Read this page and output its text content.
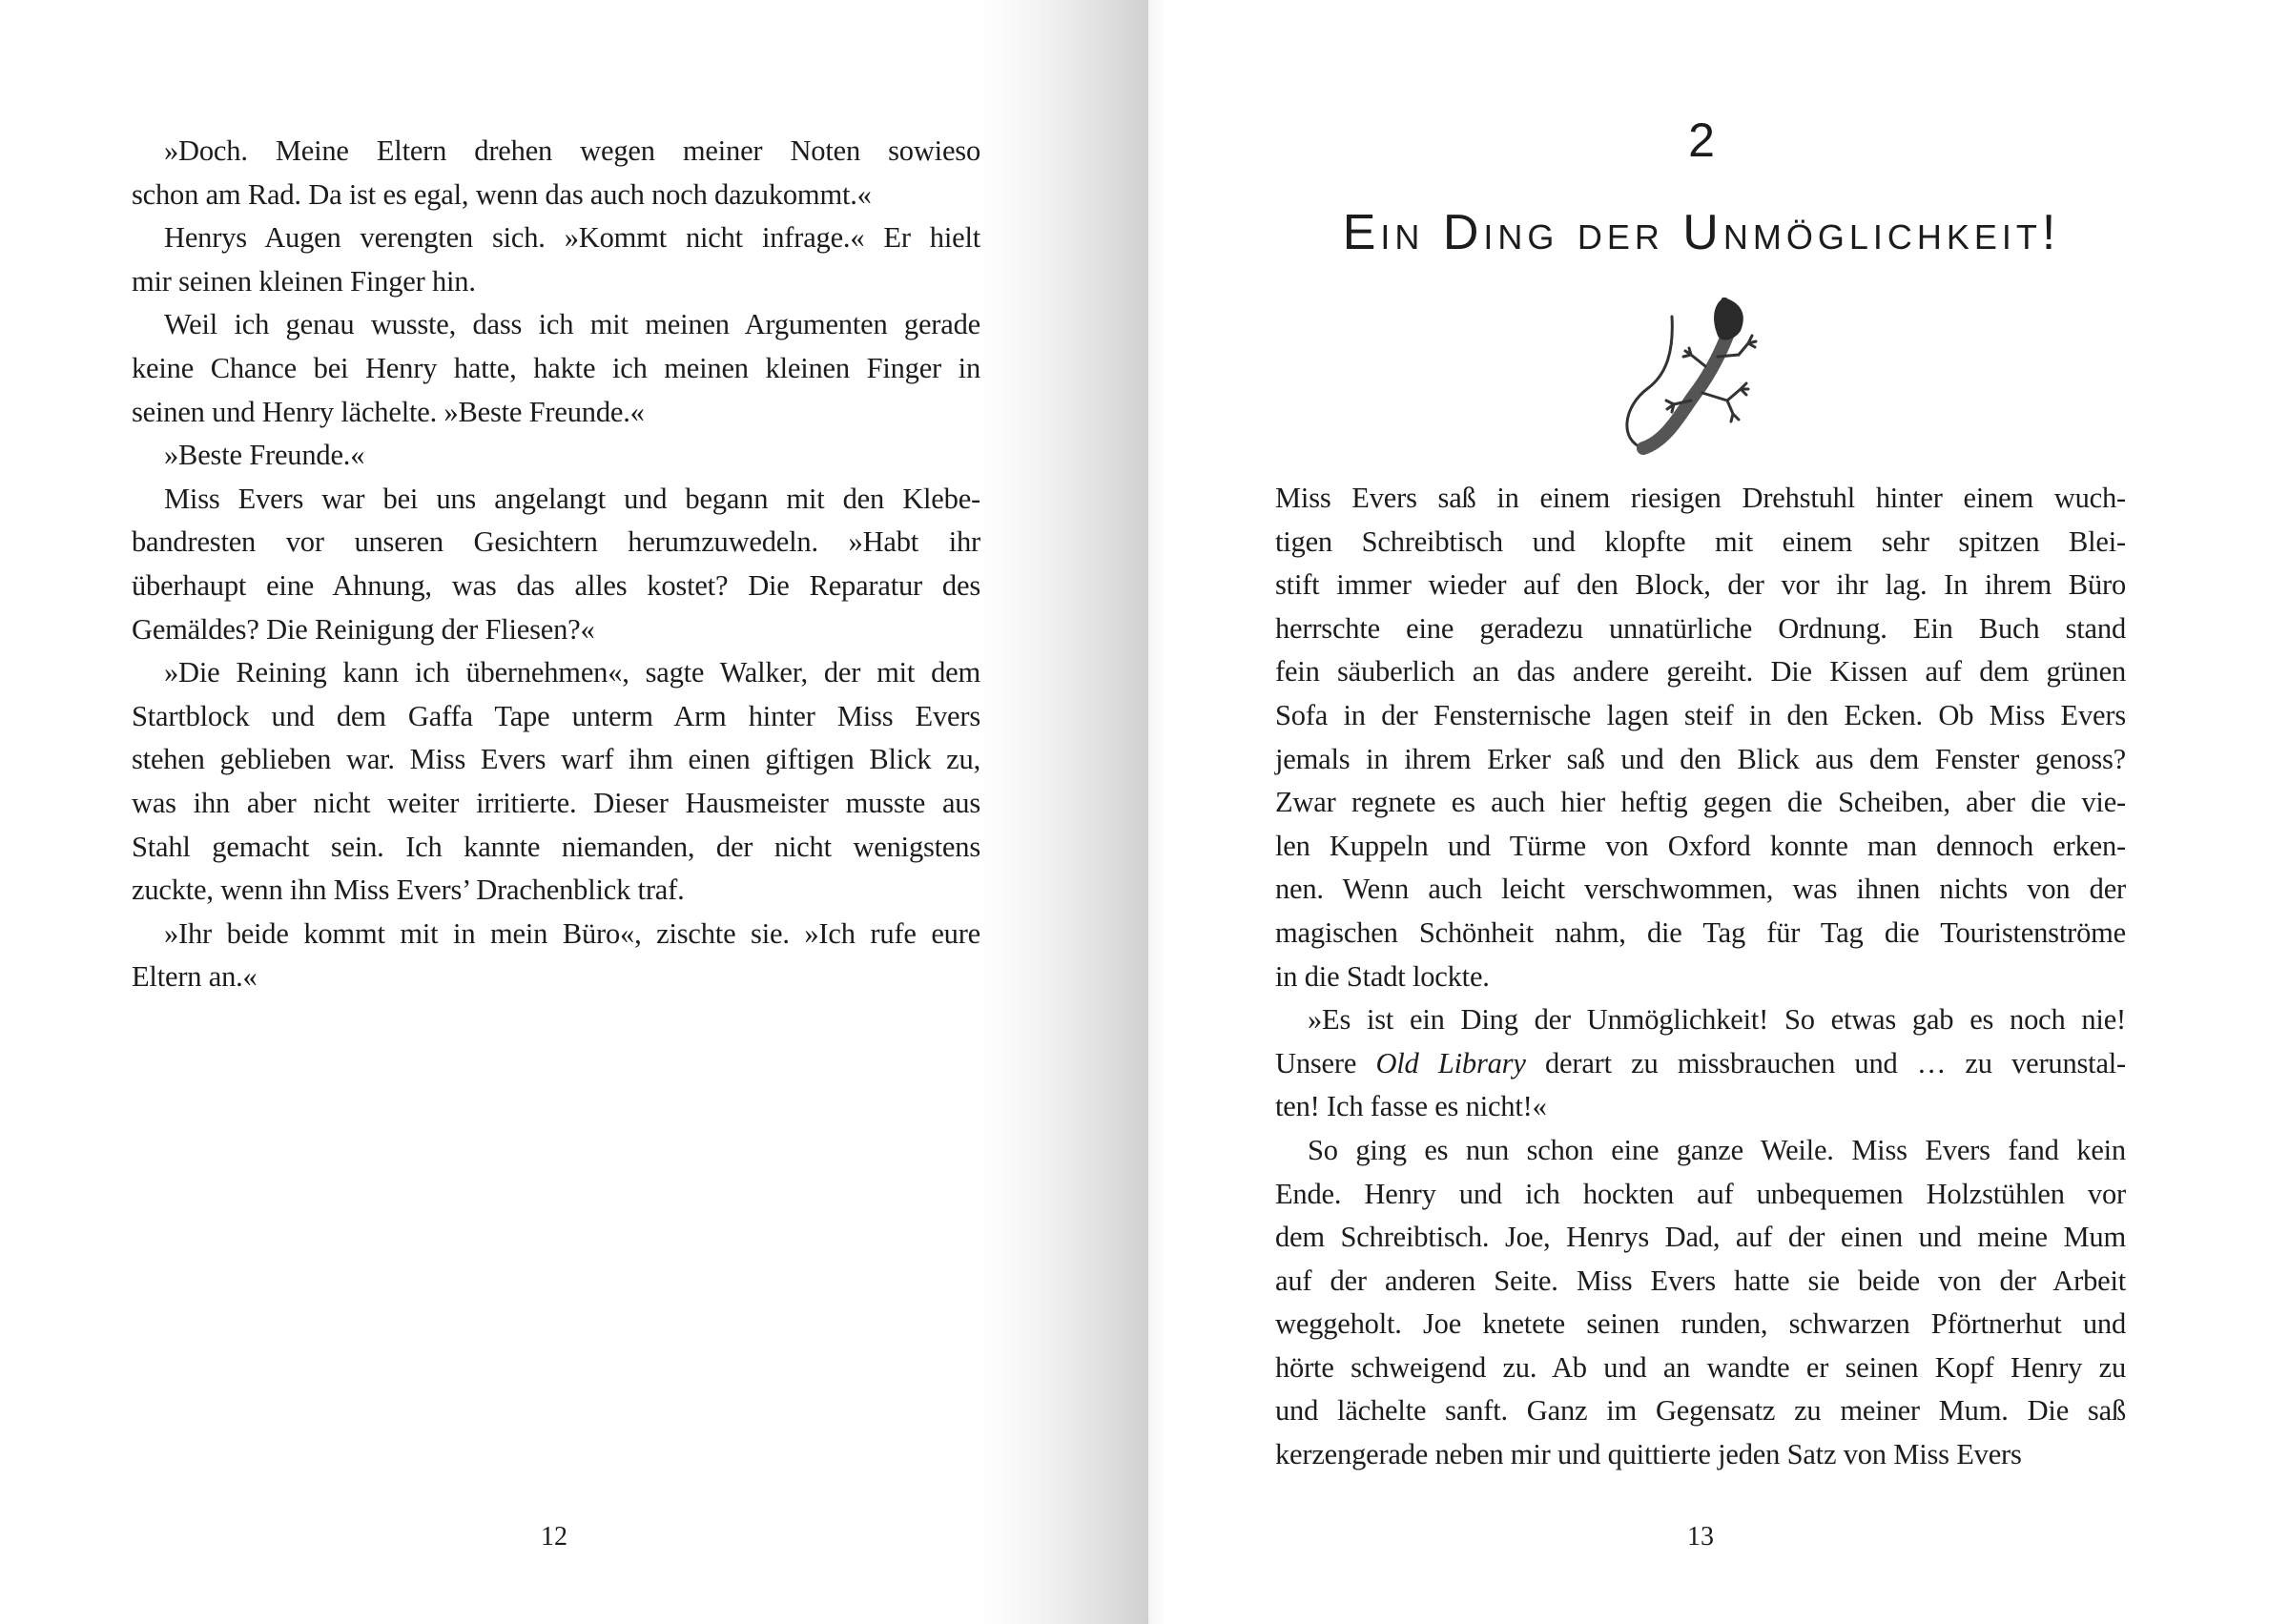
»Doch. Meine Eltern drehen wegen meiner Noten sowieso
schon am Rad. Da ist es egal, wenn das auch noch dazukommt.«
Henrys Augen verengten sich. »Kommt nicht infrage.« Er hielt
mir seinen kleinen Finger hin.
Weil ich genau wusste, dass ich mit meinen Argumenten gerade
keine Chance bei Henry hatte, hakte ich meinen kleinen Finger in
seinen und Henry lächelte. »Beste Freunde.«
»Beste Freunde.«
Miss Evers war bei uns angelangt und begann mit den Klebe-
bandresten vor unseren Gesichtern herumzuwedeln. »Habt ihr
überhaupt eine Ahnung, was das alles kostet? Die Reparatur des
Gemäldes? Die Reinigung der Fliesen?«
»Die Reining kann ich übernehmen«, sagte Walker, der mit dem
Startblock und dem Gaffa Tape unterm Arm hinter Miss Evers
stehen geblieben war. Miss Evers warf ihm einen giftigen Blick zu,
was ihn aber nicht weiter irritierte. Dieser Hausmeister musste aus
Stahl gemacht sein. Ich kannte niemanden, der nicht wenigstens
zuckte, wenn ihn Miss Evers’ Drachenblick traf.
»Ihr beide kommt mit in mein Büro«, zischte sie. »Ich rufe eure
Eltern an.«
12
2
Ein Ding der Unmöglichkeit!
Miss Evers saß in einem riesigen Drehstuhl hinter einem wuch-
tigen Schreibtisch und klopfte mit einem sehr spitzen Blei-
stift immer wieder auf den Block, der vor ihr lag. In ihrem Büro
herrschte eine geradezu unnatürliche Ordnung. Ein Buch stand
fein säuberlich an das andere gereiht. Die Kissen auf dem grünen
Sofa in der Fensternische lagen steif in den Ecken. Ob Miss Evers
jemals in ihrem Erker saß und den Blick aus dem Fenster genoss?
Zwar regnete es auch hier heftig gegen die Scheiben, aber die vie-
len Kuppeln und Türme von Oxford konnte man dennoch erken-
nen. Wenn auch leicht verschwommen, was ihnen nichts von der
magischen Schönheit nahm, die Tag für Tag die Touristenströme
in die Stadt lockte.
»Es ist ein Ding der Unmöglichkeit! So etwas gab es noch nie!
Unsere Old Library derart zu missbrauchen und … zu verunstal-
ten! Ich fasse es nicht!«
So ging es nun schon eine ganze Weile. Miss Evers fand kein
Ende. Henry und ich hockten auf unbequemen Holzstühlen vor
dem Schreibtisch. Joe, Henrys Dad, auf der einen und meine Mum
auf der anderen Seite. Miss Evers hatte sie beide von der Arbeit
weggeholt. Joe knetete seinen runden, schwarzen Pförtnerhut und
hörte schweigend zu. Ab und an wandte er seinen Kopf Henry zu
und lächelte sanft. Ganz im Gegensatz zu meiner Mum. Die saß
kerzengerade neben mir und quittierte jeden Satz von Miss Evers
13
